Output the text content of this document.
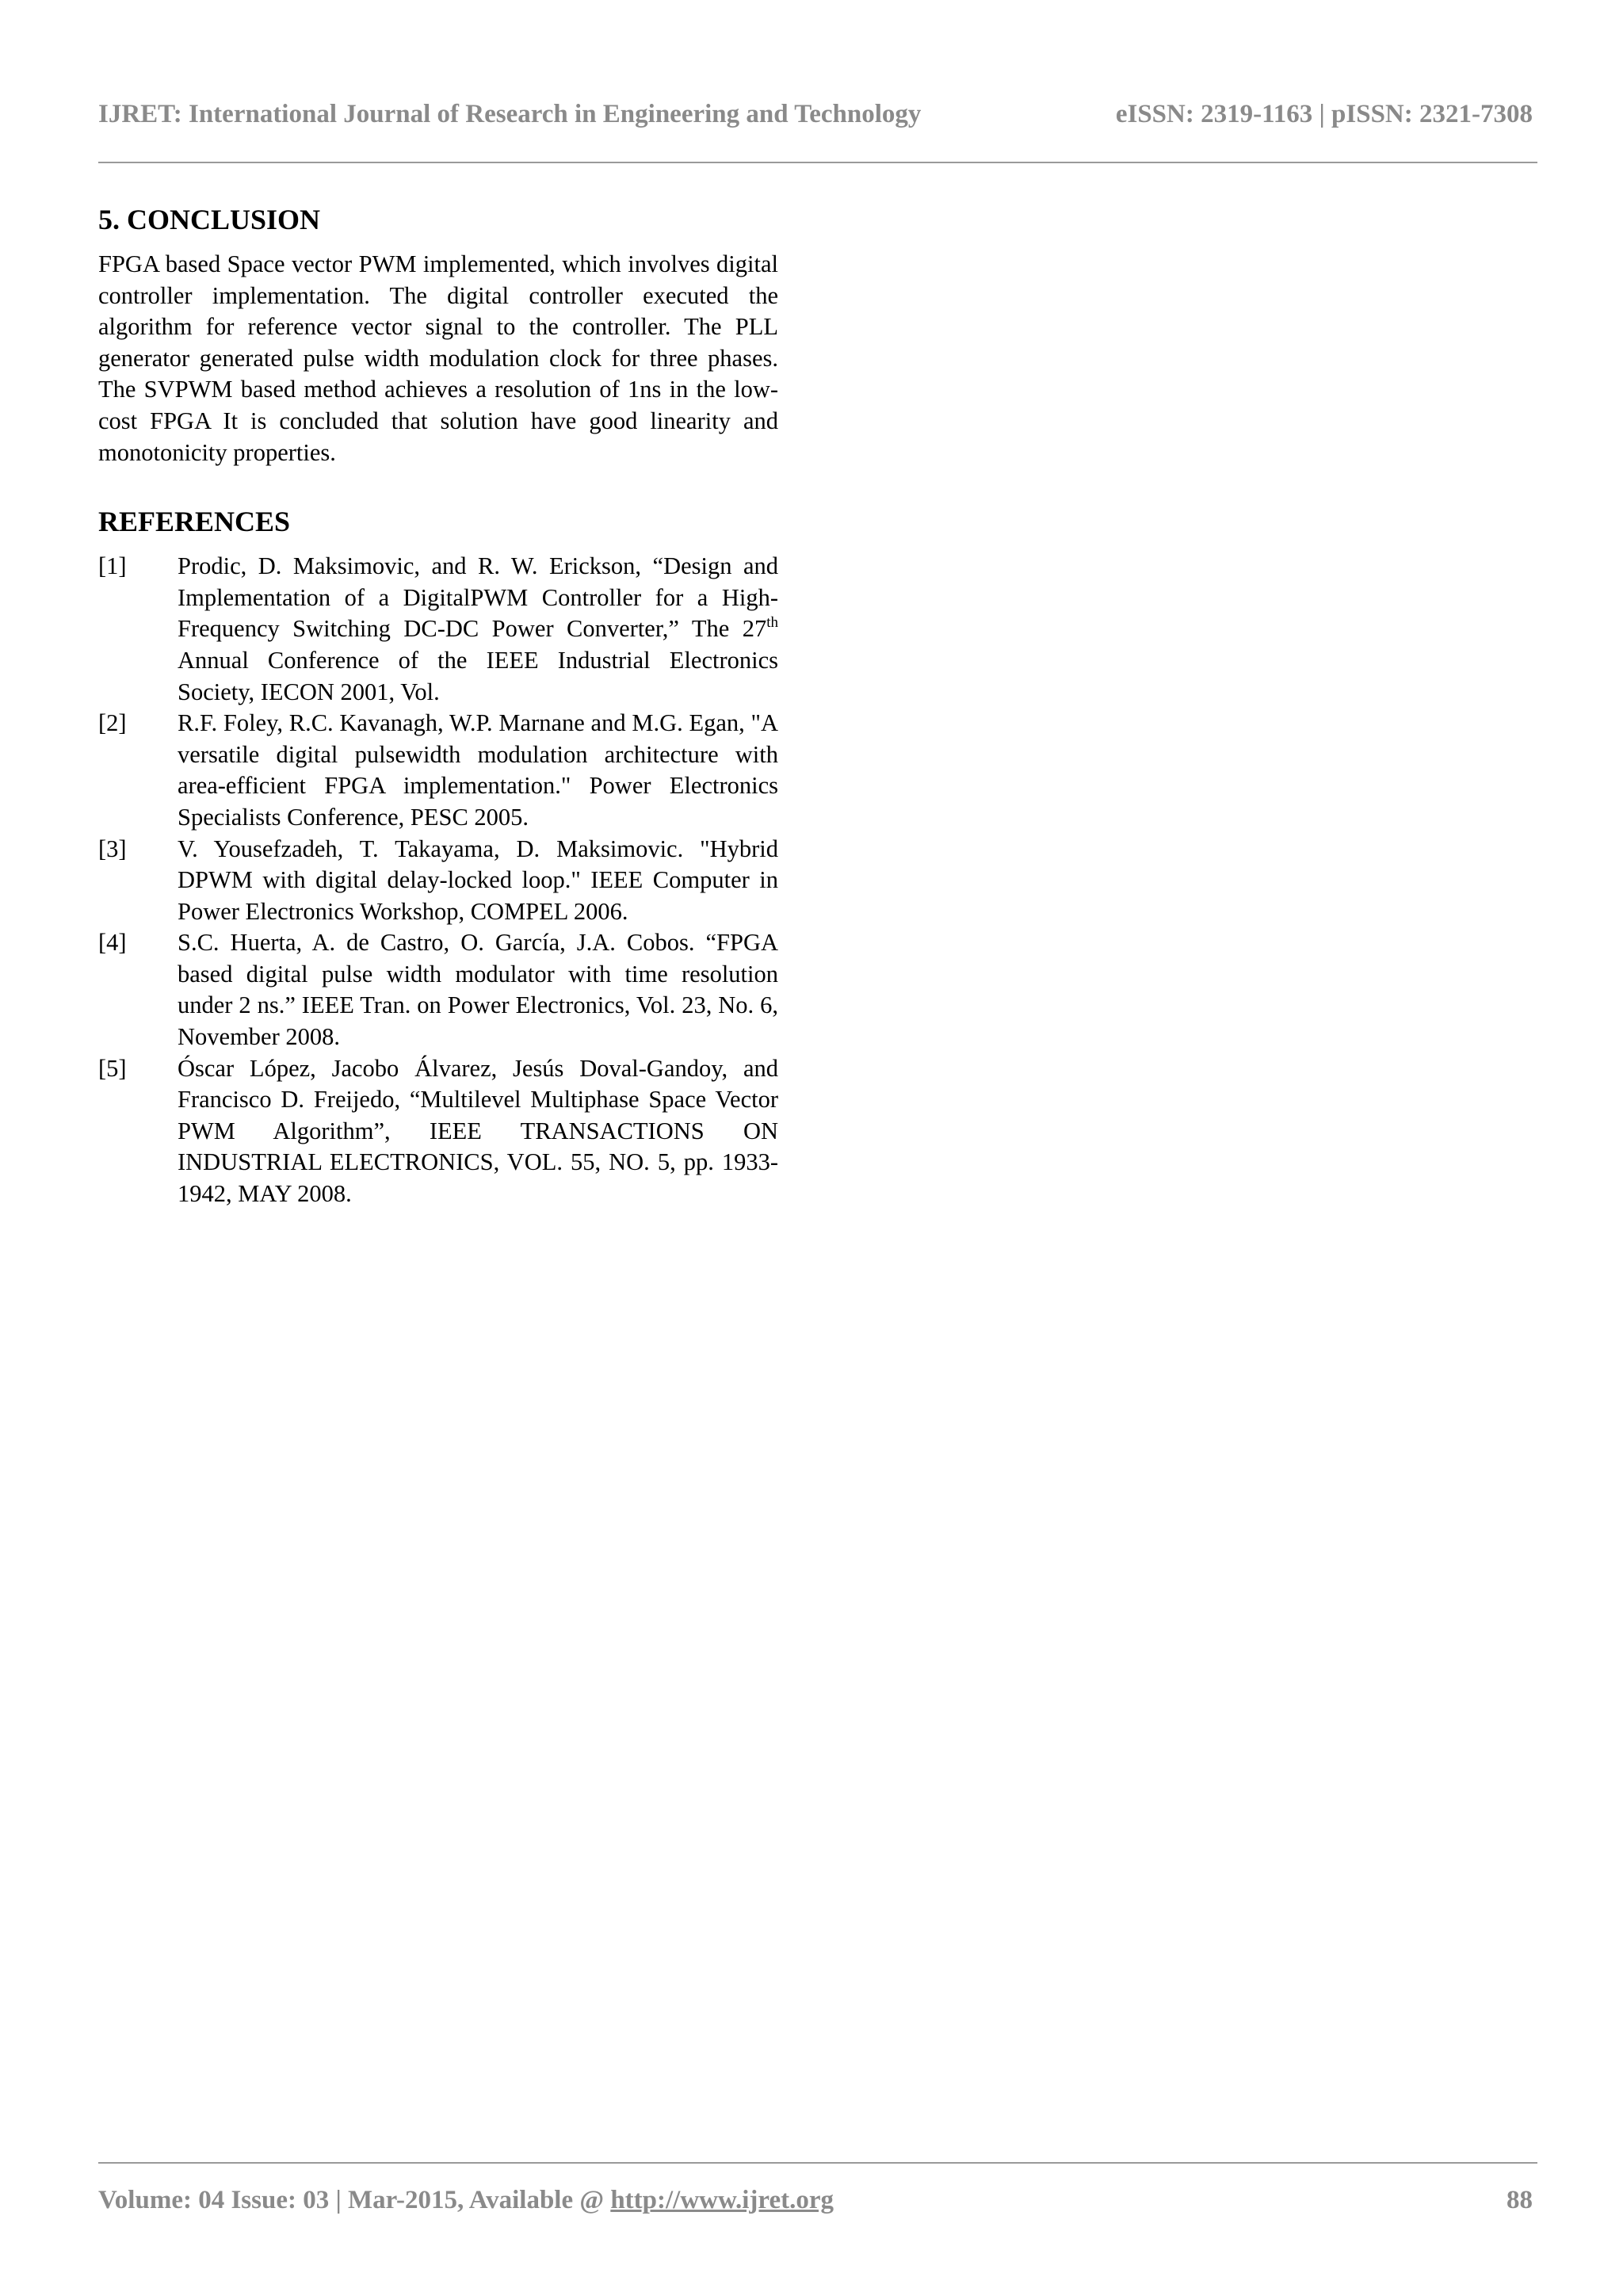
IJRET: International Journal of Research in Engineering and Technology	eISSN: 2319-1163 | pISSN: 2321-7308
5. CONCLUSION

FPGA based Space vector PWM implemented, which involves digital controller implementation. The digital controller executed the algorithm for reference vector signal to the controller. The PLL generator generated pulse width modulation clock for three phases. The SVPWM based method achieves a resolution of 1ns in the low-cost FPGA It is concluded that solution have good linearity and monotonicity properties.

REFERENCES
[1] Prodic, D. Maksimovic, and R. W. Erickson, “Design and Implementation of a DigitalPWM Controller for a High-Frequency Switching DC-DC Power Converter,” The 27th Annual Conference of the IEEE Industrial Electronics Society, IECON 2001, Vol.
[2] R.F. Foley, R.C. Kavanagh, W.P. Marnane and M.G. Egan, "A versatile digital pulsewidth modulation architecture with area-efficient FPGA implementation." Power Electronics Specialists Conference, PESC 2005.
[3] V. Yousefzadeh, T. Takayama, D. Maksimovic. "Hybrid DPWM with digital delay-locked loop." IEEE Computer in Power Electronics Workshop, COMPEL 2006.
[4] S.C. Huerta, A. de Castro, O. García, J.A. Cobos. “FPGA based digital pulse width modulator with time resolution under 2 ns.” IEEE Tran. on Power Electronics, Vol. 23, No. 6, November 2008.
[5] Óscar López, Jacobo Álvarez, Jesús Doval-Gandoy, and Francisco D. Freijedo, “Multilevel Multiphase Space Vector PWM Algorithm”, IEEE TRANSACTIONS ON INDUSTRIAL ELECTRONICS, VOL. 55, NO. 5, pp. 1933-1942, MAY 2008.
Volume: 04 Issue: 03 | Mar-2015, Available @ http://www.ijret.org	88
